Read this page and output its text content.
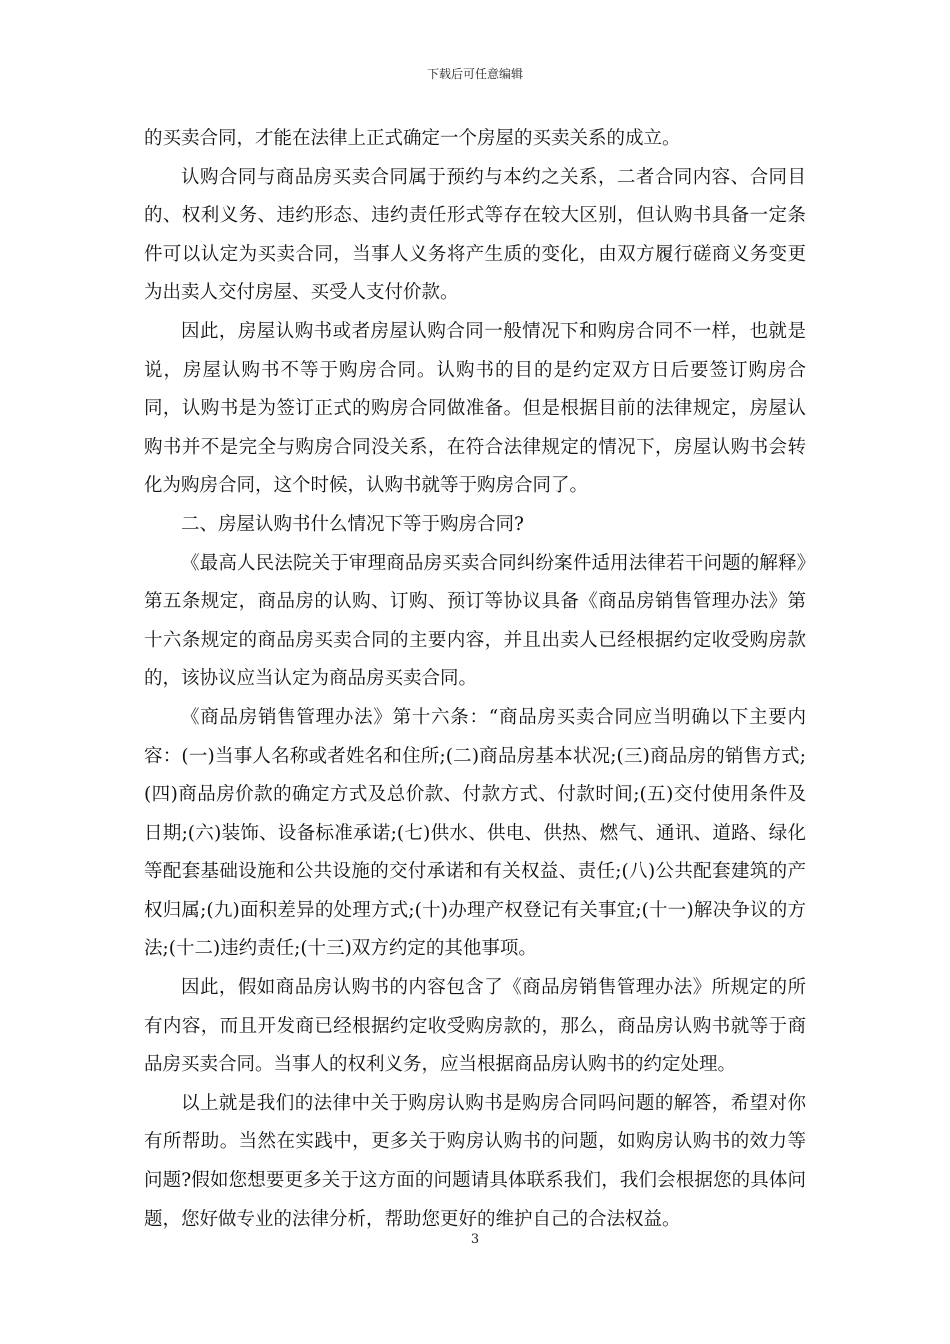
下载后可任意编辑

的买卖合同，才能在法律上正式确定一个房屋的买卖关系的成立。

认购合同与商品房买卖合同属于预约与本约之关系，二者合同内容、合同目的、权利义务、违约形态、违约责任形式等存在较大区别，但认购书具备一定条件可以认定为买卖合同，当事人义务将产生质的变化，由双方履行磋商义务变更为出卖人交付房屋、买受人支付价款。

因此，房屋认购书或者房屋认购合同一般情况下和购房合同不一样，也就是说，房屋认购书不等于购房合同。认购书的目的是约定双方日后要签订购房合同，认购书是为签订正式的购房合同做准备。但是根据目前的法律规定，房屋认购书并不是完全与购房合同没关系，在符合法律规定的情况下，房屋认购书会转化为购房合同，这个时候，认购书就等于购房合同了。

二、房屋认购书什么情况下等于购房合同?

《最高人民法院关于审理商品房买卖合同纠纷案件适用法律若干问题的解释》第五条规定，商品房的认购、订购、预订等协议具备《商品房销售管理办法》第十六条规定的商品房买卖合同的主要内容，并且出卖人已经根据约定收受购房款的，该协议应当认定为商品房买卖合同。

《商品房销售管理办法》第十六条：“商品房买卖合同应当明确以下主要内容：(一)当事人名称或者姓名和住所;(二)商品房基本状况;(三)商品房的销售方式;(四)商品房价款的确定方式及总价款、付款方式、付款时间;(五)交付使用条件及日期;(六)装饰、设备标准承诺;(七)供水、供电、供热、燃气、通讯、道路、绿化等配套基础设施和公共设施的交付承诺和有关权益、责任;(八)公共配套建筑的产权归属;(九)面积差异的处理方式;(十)办理产权登记有关事宜;(十一)解决争议的方法;(十二)违约责任;(十三)双方约定的其他事项。

因此，假如商品房认购书的内容包含了《商品房销售管理办法》所规定的所有内容，而且开发商已经根据约定收受购房款的，那么，商品房认购书就等于商品房买卖合同。当事人的权利义务，应当根据商品房认购书的约定处理。

以上就是我们的法律中关于购房认购书是购房合同吗问题的解答，希望对你有所帮助。当然在实践中，更多关于购房认购书的问题，如购房认购书的效力等问题?假如您想要更多关于这方面的问题请具体联系我们，我们会根据您的具体问题，您好做专业的法律分析，帮助您更好的维护自己的合法权益。

3
